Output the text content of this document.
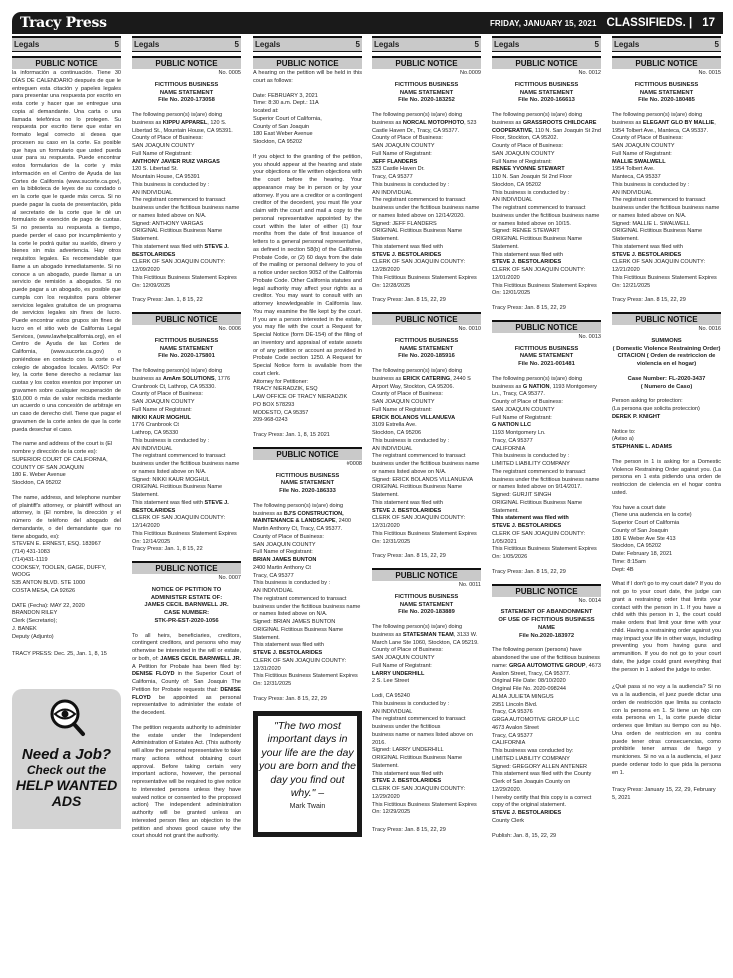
Tracy Press	FRIDAY, JANUARY 15, 2021 CLASSIFIEDS. | 17
Legals	5
PUBLIC NOTICE
la información a continuación. Tiene 30 DÍAS DE CALENDARIO después de que le entreguen esta citación y papeles legales para presentar una respuesta por escrito en esta corte y hacer que se entregue una copia al demandante. Una carta o una llamada telefónica no lo protegen. Su respuesta por escrito tiene que estar en formato legal correcto si desea que procesen su caso en la corte. Es posible que haya un formulario que usted pueda usar para su respuesta. Puede encontrar estos formularios de la corte y más información en el Centro de Ayuda de las Cortes de California (www.sucorte.ca.gov), en la biblioteca de leyes de su condado o en la corte que le quede más cerca. Si no puede pagar la cuota de presentación, pida al secretario de la corte que le dé un formulario de exención de pago de cuotas. Si no presenta su respuesta a tiempo, puede perder el caso por incumplimiento y la corte le podrá quitar su sueldo, dinero y bienes sin más advertencia. Hay otros requisitos legales. Es recomendable que llame a un abogado inmediatamente. Si no conoce a un abogado, puede llamar a un servicio de remisión a abogados. Si no puede pagar a un abogado, es posible que cumpla con los requisitos para obtener servicios legales gratuitos de un programa de servicios legales sin fines de lucro. Puede encontrar estos grupos sin fines de lucro en el sitio web de California Legal Services, (www.lawhelpcalifornia.org), en el Centro de Ayuda de las Cortes de California, (www.sucorte.ca.gov) o poniéndose en contacto con la corte o el colegio de abogados locales. AVISO: Por ley, la corte tiene derecho a reclamar las cuotas y los costos exentos por imponer un gravamen sobre cualquier recuperación de $10,000 ó más de valor recibida mediante un acuerdo o una concesión de arbitraje en un caso de derecho civil. Tiene que pagar el gravamen de la corte antes de que la corte pueda desechar el caso.
The name and address of the court is (El nombre y dirección de la corte es):
SUPERIOR COURT OF CALIFORNIA,
COUNTY OF SAN JOAQUIN
180 E. Weber Avenue
Stockton, CA 95202
The name, address, and telephone number of plaintiff's attorney, or plaintiff without an attorney, is (El nombre, la dirección y el número de teléfono del abogado del demandante, o del demandante que no tiene abogado, es):
STEVEN E. ERNEST, ESQ. 183967
(714) 431-1083
(714)431-1119
COOKSEY, TOOLEN, GAGE, DUFFY, WOOG
535 ANTON BLVD. STE 1000
COSTA MESA, CA 92626
DATE (Fecha): MAY 22, 2020
BRANDON RILEY
Clerk (Secretario);
J. BANEK
Deputy (Adjunto)
TRACY PRESS: Dec. 25, Jan. 1, 8, 15
Need a Job?
Check out the
HELP WANTED
ADS
Legals	5
PUBLIC NOTICE
No. 0005
FICTITIOUS BUSINESS
NAME STATEMENT
File No. 2020-173058
The following person(s) is(are) doing business as KIPPU APPAREL, 120 S. Libertad St., Mountain House, CA 95391.
County of Place of Business:
SAN JOAQUIN COUNTY
Full Name of Registrant:
ANTHONY JAVIER RUIZ VARGAS
120 S. Libertad St.
Mountain House, CA 95391
This business is conducted by :
AN INDIVIDUAL
The registrant commenced to transact business under the fictitious business name or names listed above on N/A.
Signed: ANTHONY VARGAS
ORIGINAL Fictitious Business Name Statement.
This statement was filed with STEVE J. BESTOLARIDES
CLERK OF SAN JOAQUIN COUNTY: 12/09/2020
This Fictitious Business Statement Expires On: 12/09/2025
Tracy Press: Jan. 1, 8 15, 22
PUBLIC NOTICE
No. 0006
FICTITIOUS BUSINESS
NAME STATEMENT
File No. 2020-175801
The following person(s) is(are) doing business as AmAm SOLUTIONS, 1776 Cranbrook Ct, Lathrop, CA 95330.
County of Place of Business:
SAN JOAQUIN COUNTY
Full Name of Registrant:
NIKKI KAUR MOGHUL
1776 Cranbrook Ct
Lathrop, CA 95330
This business is conducted by :
AN INDIVIDUAL
The registrant commenced to transact business under the fictitious business name or names listed above on N/A.
Signed: NIKKI KAUR MOGHUL
ORIGINAL Fictitious Business Name Statement.
This statement was filed with STEVE J. BESTOLARIDES
CLERK OF SAN JOAQUIN COUNTY: 12/14/2020
This Fictitious Business Statement Expires On: 12/14/2025
Tracy Press: Jan. 1, 8 15, 22
PUBLIC NOTICE
No. 0007
NOTICE OF PETITION TO
ADMINISTER ESTATE OF:
JAMES CECIL BARNWELL JR.
CASE NUMBER:
STK-PR-EST-2020-1056
To all heirs, beneficiaries, creditors, contingent creditors, and persons who may otherwise be interested in the will or estate, or both, of: JAMES CECIL BARNWELL JR. A Petition for Probate has been filed by: DENISE FLOYD in the Superior Court of California, County of: San Joaquin The Petition for Probate requests that: DENISE FLOYD be appointed as personal representative to administer the estate of the decedent.
The petition requests authority to administer the estate under the Independent Administration of Estates Act. (This authority will allow the personal representative to take many actions without obtaining court approval. Before taking certain very important actions, however, the personal representative will be required to give notice to interested persons unless they have waived notice or consented to the proposed action) The independent administration authority will be granted unless an interested person files an objection to the petition and shows good cause why the court should not grant the authority.
Legals	5
PUBLIC NOTICE
A hearing on the petition will be held in this court as follows:
Date: FEBRUARY 3, 2021
Time: 8:30 a.m. Dept.: 11A
located at:
Superior Court of California,
County of San Joaquin
180 East Weber Avenue
Stockton, CA 95202
If you object to the granting of the petition, you should appear at the hearing and state your objections or file written objections with the court before the hearing. Your appearance may be in person or by your attorney. If you are a creditor or a contingent creditor of the decedent, you must file your claim with the court and mail a copy to the personal representative appointed by the court within the later of either (1) four months from the date of first issuance of letters to a general personal representative, as defined in section 58(b) of the California Probate Code, or (2) 60 days from the date of the mailing or personal delivery to you of a notice under section 9052 of the California Probate Code. Other California statutes and legal authority may affect your rights as a creditor. You may want to consult with an attorney knowledgeable in California law. You may examine the file kept by the court. If you are a person interested in the estate, you may file with the court a Request for Special Notice (form DE-154) of the filing of an inventory and appraisal of estate assets or of any petition or account as provided in Probate Code section 1250. A Request for Special Notice form is available from the court clerk.
Attorney for Petitioner:
TRACY NIERADZIK, ESQ
LAW OFFICE OF TRACY NIERADZIK
PO BOX 578293
MODESTO, CA 95357
209-968-0243
Tracy Press: Jan. 1, 8, 15 2021
PUBLIC NOTICE
#0008
FICTITIOUS BUSINESS
NAME STATEMENT
File No. 2020-186333
The following person(s) is(are) doing business as BJ'S CONSTRUCTION, MAINTENANCE & LANDSCAPE, 2400 Martin Anthony Ct, Tracy, CA 95377.
County of Place of Business:
SAN JOAQUIN COUNTY
Full Name of Registrant:
BRIAN JAMES BUNTON
2400 Martin Anthony Ct
Tracy, CA 95377
This business is conducted by :
AN INDIVIDUAL
The registrant commenced to transact business under the fictitious business name or names listed above on N/A.
Signed: BRIAN JAMES BUNTON
ORIGINAL Fictitious Business Name Statement.
This statement was filed with
STEVE J. BESTOLARIDES
CLERK OF SAN JOAQUIN COUNTY: 12/31/2020
This Fictitious Business Statement Expires On: 12/31/2025
Tracy Press: Jan. 8 15, 22, 29
"The two most important days in your life are the day you are born and the day you find out why." –
Mark Twain
Legals	5
PUBLIC NOTICE
No.0009
FICTITIOUS BUSINESS
NAME STATEMENT
File No. 2020-183252
The following person(s) is(are) doing business as NORCAL MOTOPHOTO, 523 Castle Haven Dr., Tracy, CA 95377.
County of Place of Business:
SAN JOAQUIN COUNTY
Full Name of Registrant:
JEFF FLANDERS
523 Castle Haven Dr.
Tracy, CA 95377
This business is conducted by :
AN INDIVIDUAL
The registrant commenced to transact business under the fictitious business name or names listed above on 12/14/2020.
Signed: JEFF FLANDERS
ORIGINAL Fictitious Business Name Statement.
This statement was filed with
STEVE J. BESTOLARIDES
CLERK OF SAN JOAQUIN COUNTY: 12/28/2020
This Fictitious Business Statement Expires On: 12/28/2025
Tracy Press: Jan. 8 15, 22, 29
PUBLIC NOTICE
No. 0010
FICTITIOUS BUSINESS
NAME STATEMENT
File No. 2020-185916
The following person(s) is(are) doing business as ERICK CATERING, 2440 S Airport Way, Stockton, CA 95206.
County of Place of Business:
SAN JOAQUIN COUNTY
Full Name of Registrant:
ERICK BOLANOS VILLANUEVA
3109 Estrella Ave.
Stockton, CA 95206
This business is conducted by :
AN INDIVIDUAL
The registrant commenced to transact business under the fictitious business name or names listed above on N/A.
Signed: ERICK BOLANOS VILLANUEVA
ORIGINAL Fictitious Business Name Statement.
This statement was filed with
STEVE J. BESTOLARIDES
CLERK OF SAN JOAQUIN COUNTY: 12/31/2020
This Fictitious Business Statement Expires On: 12/31/2025
Tracy Press: Jan. 8 15, 22, 29
PUBLIC NOTICE
No. 0011
FICTITIOUS BUSINESS
NAME STATEMENT
File No. 2020-183889
The following person(s) is(are) doing business as STATESMAN TEAM, 3133 W. March Lane Ste 1060, Stockton, CA 95219.
County of Place of Business:
SAN JOAQUIN COUNTY
Full Name of Registrant:
LARRY UNDERHILL
2 S. Lee Street
Lodi, CA 95240
This business is conducted by :
AN INDIVIDUAL
The registrant commenced to transact business under the fictitious
business name or names listed above on 2016.
Signed: LARRY UNDERHILL
ORIGINAL Fictitious Business Name Statement.
This statement was filed with
STEVE J. BESTOLARIDES
CLERK OF SAN JOAQUIN COUNTY: 12/29/2020
This Fictitious Business Statement Expires On: 12/29/2025
Tracy Press: Jan. 8 15, 22, 29
Legals	5
PUBLIC NOTICE
No. 0012
FICTITIOUS BUSINESS
NAME STATEMENT
File No. 2020-166613
The following person(s) is(are) doing business as GRASSROOTS CHILDCARE COOPERATIVE, 110 N. San Joaquin St 2nd Floor, Stockton, CA 95202.
County of Place of Business:
SAN JOAQUIN COUNTY
Full Name of Registrant:
RENEE YVONNE STEWART
110 N. San Joaquin St 2nd Floor
Stockton, CA 95202
This business is conducted by :
AN INDIVIDUAL
The registrant commenced to transact business under the fictitious business name or names listed above on 10/15.
Signed: RENEE STEWART
ORIGINAL Fictitious Business Name Statement.
This statement was filed with
STEVE J. BESTOLARIDES
CLERK OF SAN JOAQUIN COUNTY: 12/01/2020
This Fictitious Business Statement Expires On: 12/01/2025
Tracy Press: Jan. 8 15, 22, 29
PUBLIC NOTICE
No. 0013
FICTITIOUS BUSINESS
NAME STATEMENT
File No. 2021-001481
The following person(s) is(are) doing business as G NATION, 1193 Montgomery Ln., Tracy, CA 95377.
County of Place of Business:
SAN JOAQUIN COUNTY
Full Name of Registrant:
G NATION LLC
1193 Montgomery Ln.
Tracy, CA 95377
CALIFORNIA
This business is conducted by :
LIMITED LIABILITY COMPANY
The registrant commenced to transact business under the fictitious business name or names listed above on 9/14/2017.
Signed: GURJIT SINGH
ORIGINAL Fictitious Business Name Statement.
This statement was filed with
STEVE J. BESTOLARIDES
CLERK OF SAN JOAQUIN COUNTY: 1/05/2021
This Fictitious Business Statement Expires On: 1/05/2026
Tracy Press: Jan. 8 15, 22, 29
PUBLIC NOTICE
No. 0014
STATEMENT OF ABANDONMENT
OF USE OF FICTITIOUS BUSINESS
NAME
File No.2020-183972
The following person (persons) have abandoned the use of the fictitious business name: GRGA AUTOMOTIVE GROUP, 4673 Avalon Street, Tracy, CA 95377.
Original File Date: 08/10/2020
Original File No. 2020-098244
ALMA JULIETA MINGUS
2951 Lincoln Blvd.
Tracy, CA 95376
GRGA AUTOMOTIVE GROUP LLC
4673 Avalon Street
Tracy, CA 95377
CALIFORNIA
This business was conducted by:
LIMITED LIABILITY COMPANY
Signed: GREGORY ALLEN ANTENER
This statement was filed with the County Clerk of San Joaquin County on 12/29/2020.
I hereby certify that this copy is a correct copy of the original statement.
STEVE J. BESTOLARIDES
County Clerk
Publish: Jan. 8, 15, 22, 29
Legals	5
PUBLIC NOTICE
No. 0015
FICTITIOUS BUSINESS
NAME STATEMENT
File No. 2020-180485
The following person(s) is(are) doing business as ELEGANT GLO BY MALLIE, 1954 Tolbert Ave., Manteca, CA 95337.
County of Place of Business:
SAN JOAQUIN COUNTY
Full Name of Registrant:
MALLIE SWALWELL
1954 Tolbert Ave.
Manteca, CA 95337
This business is conducted by :
AN INDIVIDUAL
The registrant commenced to transact business under the fictitious business name or names listed above on N/A.
Signed: MALLIE L. SWALWELL
ORIGINAL Fictitious Business Name Statement.
This statement was filed with
STEVE J. BESTOLARIDES
CLERK OF SAN JOAQUIN COUNTY: 12/21/2020
This Fictitious Business Statement Expires On: 12/21/2025
Tracy Press: Jan. 8 15, 22, 29
PUBLIC NOTICE
No. 0016
SUMMONS
( Domestic Violence Restraining Order)
CITACION ( Orden de restriccion de violencia en el hogar)
Case Number: FL-2020-3437
( Numero de Caso)
Person asking for protection:
(La persona que solicita proteccion)
DEREK P. KNIGHT
Notice to:
(Aviso a)
STEPHANIE L. ADAMS
The person in 1 is asking for a Domestic Violence Restraining Order against you. (La persona en 1 esta pidiendo una orden de restriccion de cielencia en el hogar contra usted.
You have a court date
(Tiene una audencia en la corte)
Superior Court of California
County of San Joaquin
180 E Weber Ave Ste 413
Stockton, CA 95202
Date: February 18, 2021
Time: 8:15am
Dept: 4B
What if I don't go to my court date? If you do not go to your court date, the judge can grant a restraining order that limits your contact with the person in 1. If you have a child with this person in 1, the court could make orders that limit your time with your child. Having a restraining order against you may impact your life in other ways, including preventing you from having guns and ammunition. If you do not go to your court date, the judge could grant everything that the person in 1 asked the judge to order.
¿Qué pasa si no voy a la audiencia? Si no va a la audiencia, el juez puede dictar una orden de restricción que limita su contacto con la persona en 1. Si tiene un hijo con esta persona en 1, la corte puede dictar ordenes que limitan su tiempo con su hijo. Una orden de restriccion en su contra puede tener otras consecuencias, como prohibirle tener armas de fuego y municiones. Si no va a la audiencia, el juez puede ordenar todo lo que pida la persona en 1.
Tracy Press: January 15, 22, 29, February 5, 2021
